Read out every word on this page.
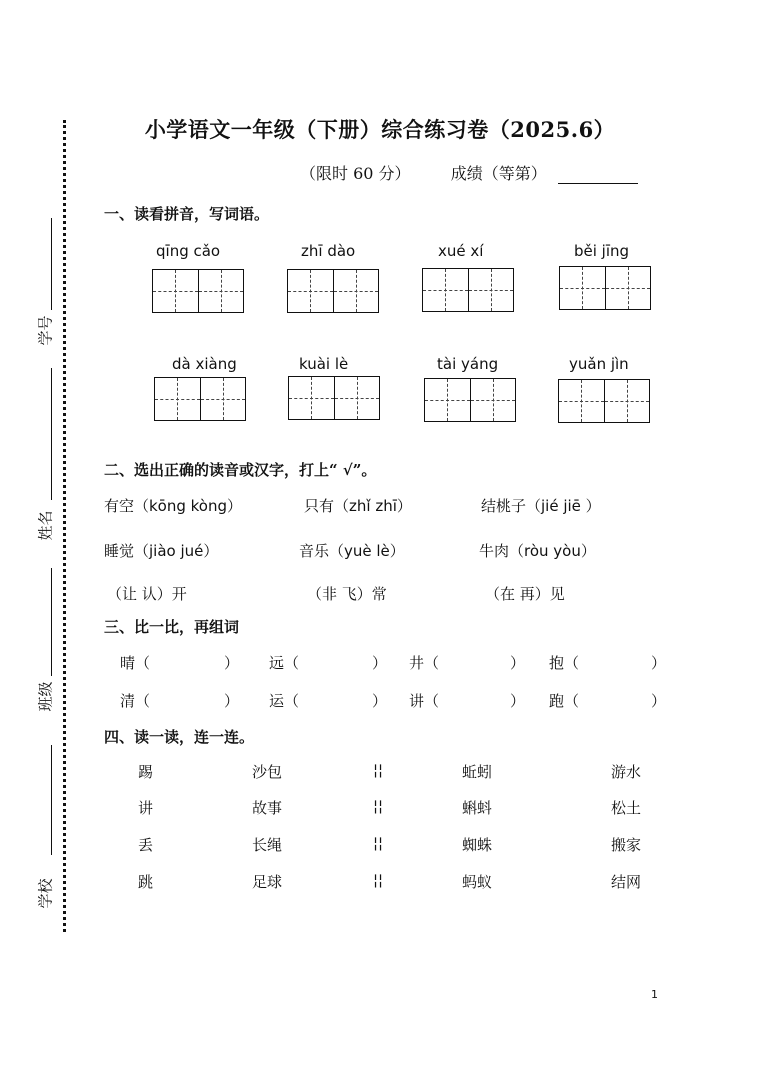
学号
姓名
班级
学校
小学语文一年级（下册）综合练习卷（2025.6）
（限时 60 分）	成绩（等第）
一、读看拼音，写词语。
qīng cǎo	zhī dào	xué xí	běi jīng
dà xiàng	kuài lè	tài yáng	yuǎn jìn
二、选出正确的读音或汉字，打上“ √”。
有空（kōng kòng）	只有（zhǐ zhī）	结桃子（jié jiē ）
睡觉（jiào jué）	音乐（yuè lè）	牛肉（ròu yòu）
（让 认）开	（非 飞）常	（在 再）见
三、比一比，再组词
晴（	） 远（	） 井（	） 抱（	）
清（	） 运（	） 讲（	） 跑（	）
四、读一读，连一连。
踢	沙包	¦¦	蚯蚓	游水
讲	故事	¦¦	蝌蚪	松土
丢	长绳	¦¦	蜘蛛	搬家
跳	足球	¦¦	蚂蚁	结网
1
